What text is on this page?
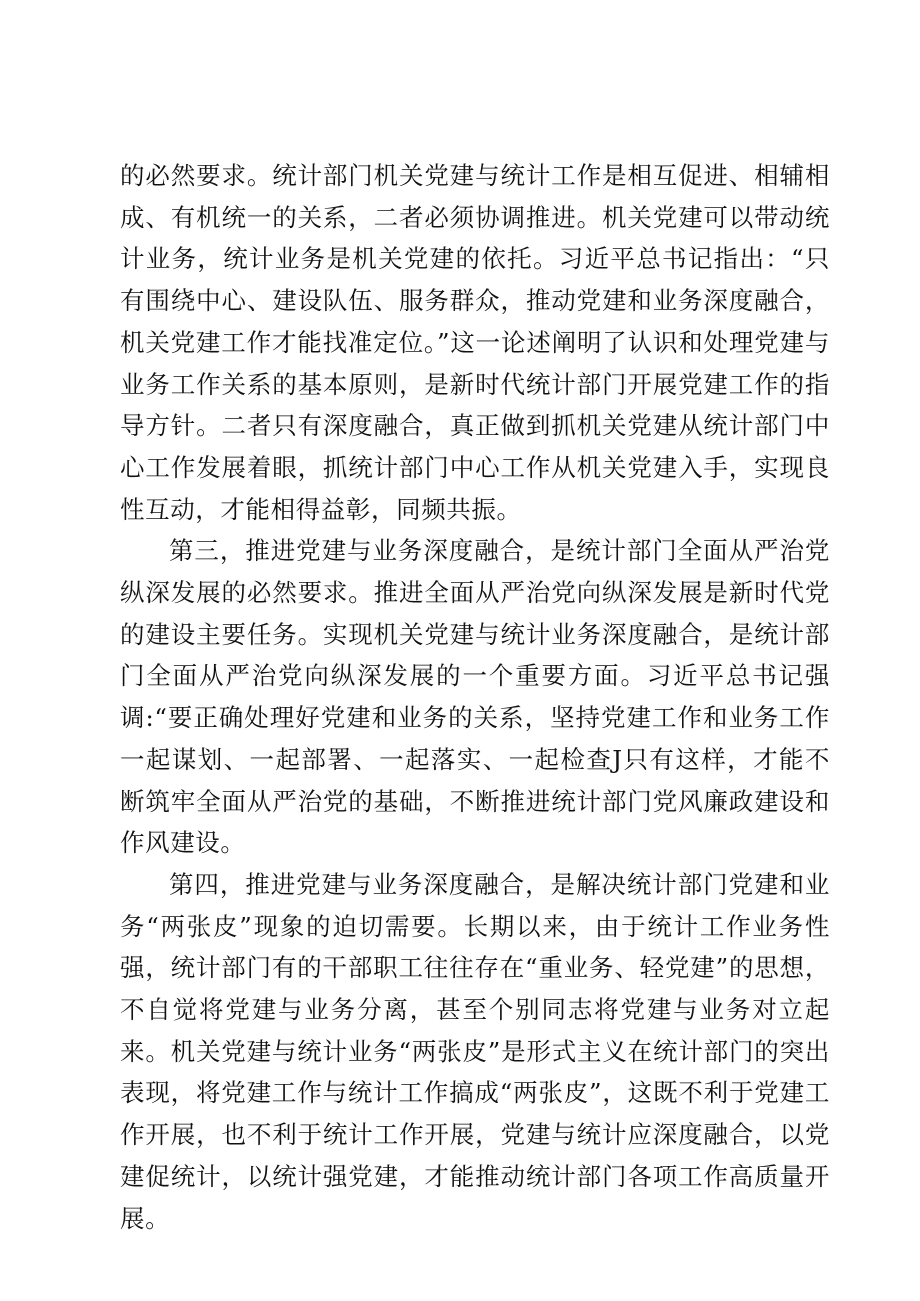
的必然要求。统计部门机关党建与统计工作是相互促进、相辅相成、有机统一的关系，二者必须协调推进。机关党建可以带动统计业务，统计业务是机关党建的依托。习近平总书记指出：“只有围绕中心、建设队伍、服务群众，推动党建和业务深度融合，机关党建工作才能找准定位。”这一论述阐明了认识和处理党建与业务工作关系的基本原则，是新时代统计部门开展党建工作的指导方针。二者只有深度融合，真正做到抓机关党建从统计部门中心工作发展着眼，抓统计部门中心工作从机关党建入手，实现良性互动，才能相得益彰，同频共振。

第三，推进党建与业务深度融合，是统计部门全面从严治党纵深发展的必然要求。推进全面从严治党向纵深发展是新时代党的建设主要任务。实现机关党建与统计业务深度融合，是统计部门全面从严治党向纵深发展的一个重要方面。习近平总书记强调:“要正确处理好党建和业务的关系，坚持党建工作和业务工作一起谋划、一起部署、一起落实、一起检查J只有这样，才能不断筑牢全面从严治党的基础，不断推进统计部门党风廉政建设和作风建设。

第四，推进党建与业务深度融合，是解决统计部门党建和业务“两张皮”现象的迫切需要。长期以来，由于统计工作业务性强，统计部门有的干部职工往往存在“重业务、轻党建”的思想，不自觉将党建与业务分离，甚至个别同志将党建与业务对立起来。机关党建与统计业务“两张皮”是形式主义在统计部门的突出表现，将党建工作与统计工作搞成“两张皮”，这既不利于党建工作开展，也不利于统计工作开展，党建与统计应深度融合，以党建促统计，以统计强党建，才能推动统计部门各项工作高质量开展。
